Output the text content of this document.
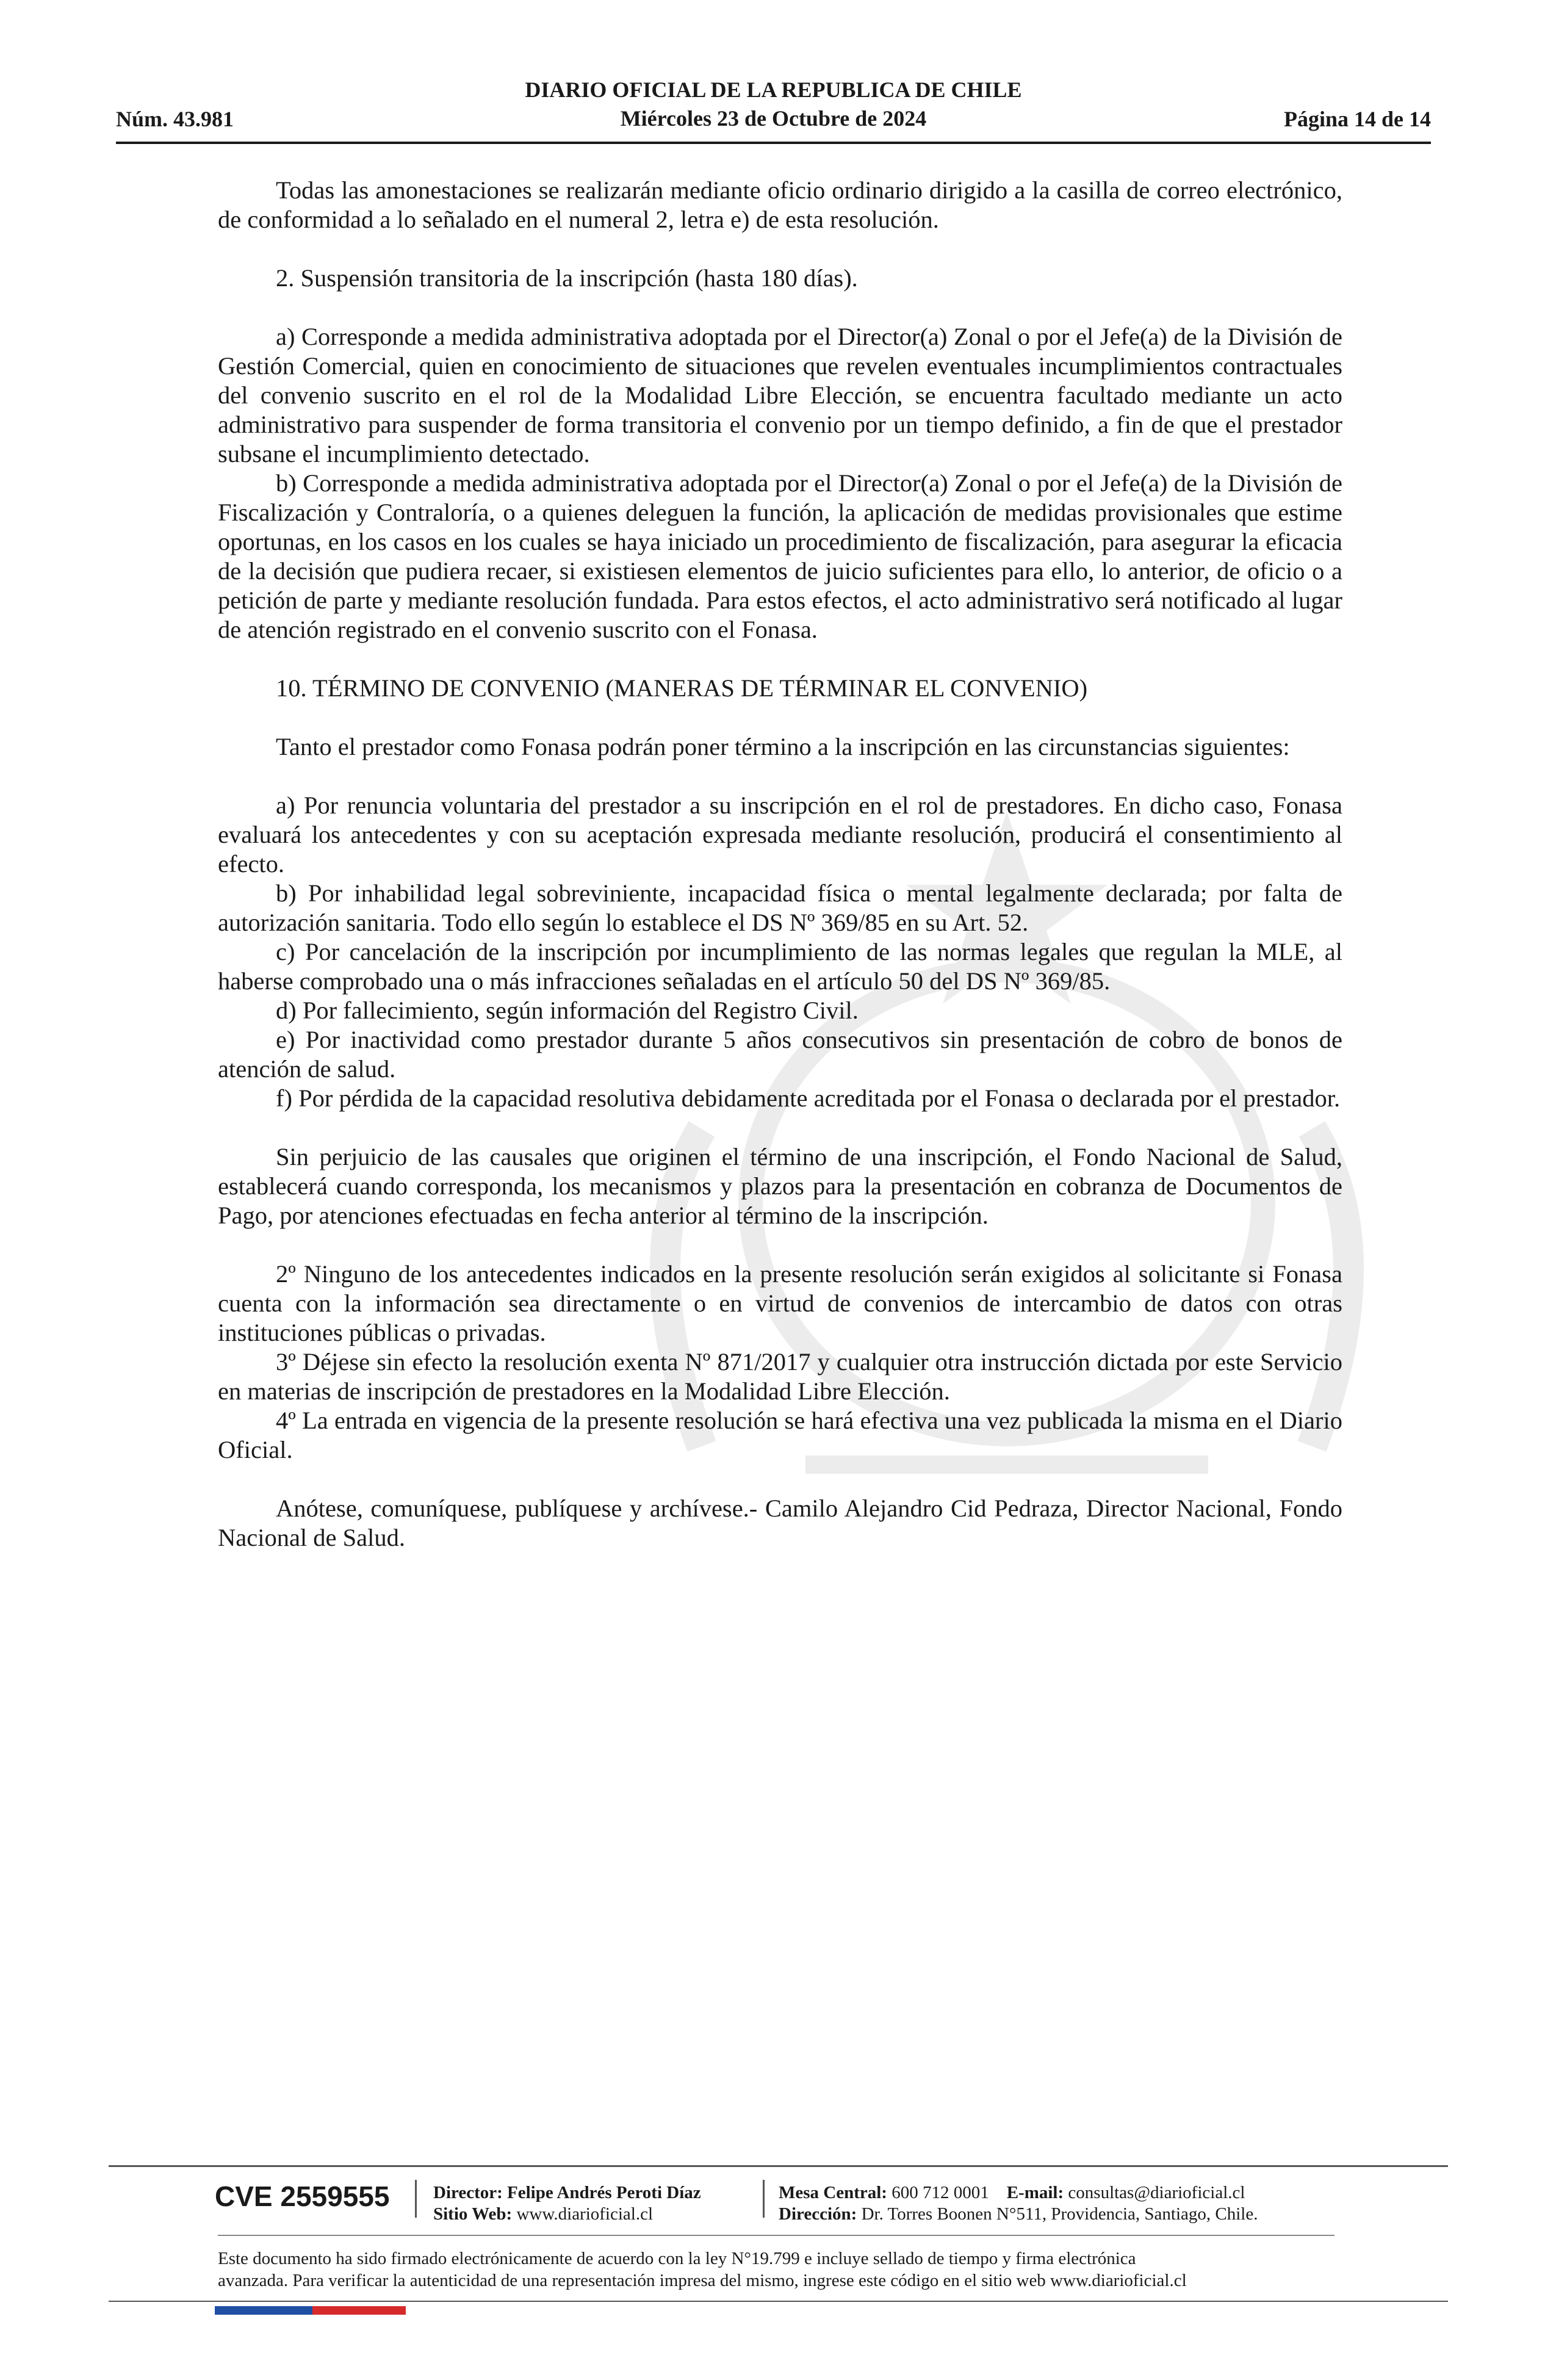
Núm. 43.981
DIARIO OFICIAL DE LA REPUBLICA DE CHILE
Miércoles 23 de Octubre de 2024	Página 14 de 14

Todas las amonestaciones se realizarán mediante oficio ordinario dirigido a la casilla de correo electrónico, de conformidad a lo señalado en el numeral 2, letra e) de esta resolución.

2. Suspensión transitoria de la inscripción (hasta 180 días).

a) Corresponde a medida administrativa adoptada por el Director(a) Zonal o por el Jefe(a) de la División de Gestión Comercial, quien en conocimiento de situaciones que revelen eventuales incumplimientos contractuales del convenio suscrito en el rol de la Modalidad Libre Elección, se encuentra facultado mediante un acto administrativo para suspender de forma transitoria el convenio por un tiempo definido, a fin de que el prestador subsane el incumplimiento detectado.

b) Corresponde a medida administrativa adoptada por el Director(a) Zonal o por el Jefe(a) de la División de Fiscalización y Contraloría, o a quienes deleguen la función, la aplicación de medidas provisionales que estime oportunas, en los casos en los cuales se haya iniciado un procedimiento de fiscalización, para asegurar la eficacia de la decisión que pudiera recaer, si existiesen elementos de juicio suficientes para ello, lo anterior, de oficio o a petición de parte y mediante resolución fundada. Para estos efectos, el acto administrativo será notificado al lugar de atención registrado en el convenio suscrito con el Fonasa.

10. TÉRMINO DE CONVENIO (MANERAS DE TÉRMINAR EL CONVENIO)

Tanto el prestador como Fonasa podrán poner término a la inscripción en las circunstancias siguientes:

a) Por renuncia voluntaria del prestador a su inscripción en el rol de prestadores. En dicho caso, Fonasa evaluará los antecedentes y con su aceptación expresada mediante resolución, producirá el consentimiento al efecto.

b) Por inhabilidad legal sobreviniente, incapacidad física o mental legalmente declarada; por falta de autorización sanitaria. Todo ello según lo establece el DS Nº 369/85 en su Art. 52.

c) Por cancelación de la inscripción por incumplimiento de las normas legales que regulan la MLE, al haberse comprobado una o más infracciones señaladas en el artículo 50 del DS Nº 369/85.

d) Por fallecimiento, según información del Registro Civil.

e) Por inactividad como prestador durante 5 años consecutivos sin presentación de cobro de bonos de atención de salud.

f) Por pérdida de la capacidad resolutiva debidamente acreditada por el Fonasa o declarada por el prestador.

Sin perjuicio de las causales que originen el término de una inscripción, el Fondo Nacional de Salud, establecerá cuando corresponda, los mecanismos y plazos para la presentación en cobranza de Documentos de Pago, por atenciones efectuadas en fecha anterior al término de la inscripción.

2º Ninguno de los antecedentes indicados en la presente resolución serán exigidos al solicitante si Fonasa cuenta con la información sea directamente o en virtud de convenios de intercambio de datos con otras instituciones públicas o privadas.

3º Déjese sin efecto la resolución exenta Nº 871/2017 y cualquier otra instrucción dictada por este Servicio en materias de inscripción de prestadores en la Modalidad Libre Elección.

4º La entrada en vigencia de la presente resolución se hará efectiva una vez publicada la misma en el Diario Oficial.

Anótese, comuníquese, publíquese y archívese.- Camilo Alejandro Cid Pedraza, Director Nacional, Fondo Nacional de Salud.

CVE 2559555 Director: Felipe Andrés Peroti Díaz
Sitio Web: www.diarioficial.cl
Mesa Central: 600 712 0001 E-mail: consultas@diarioficial.cl
Dirección: Dr. Torres Boonen N°511, Providencia, Santiago, Chile.
Este documento ha sido firmado electrónicamente de acuerdo con la ley N°19.799 e incluye sellado de tiempo y firma electrónica
avanzada. Para verificar la autenticidad de una representación impresa del mismo, ingrese este código en el sitio web www.diarioficial.cl
